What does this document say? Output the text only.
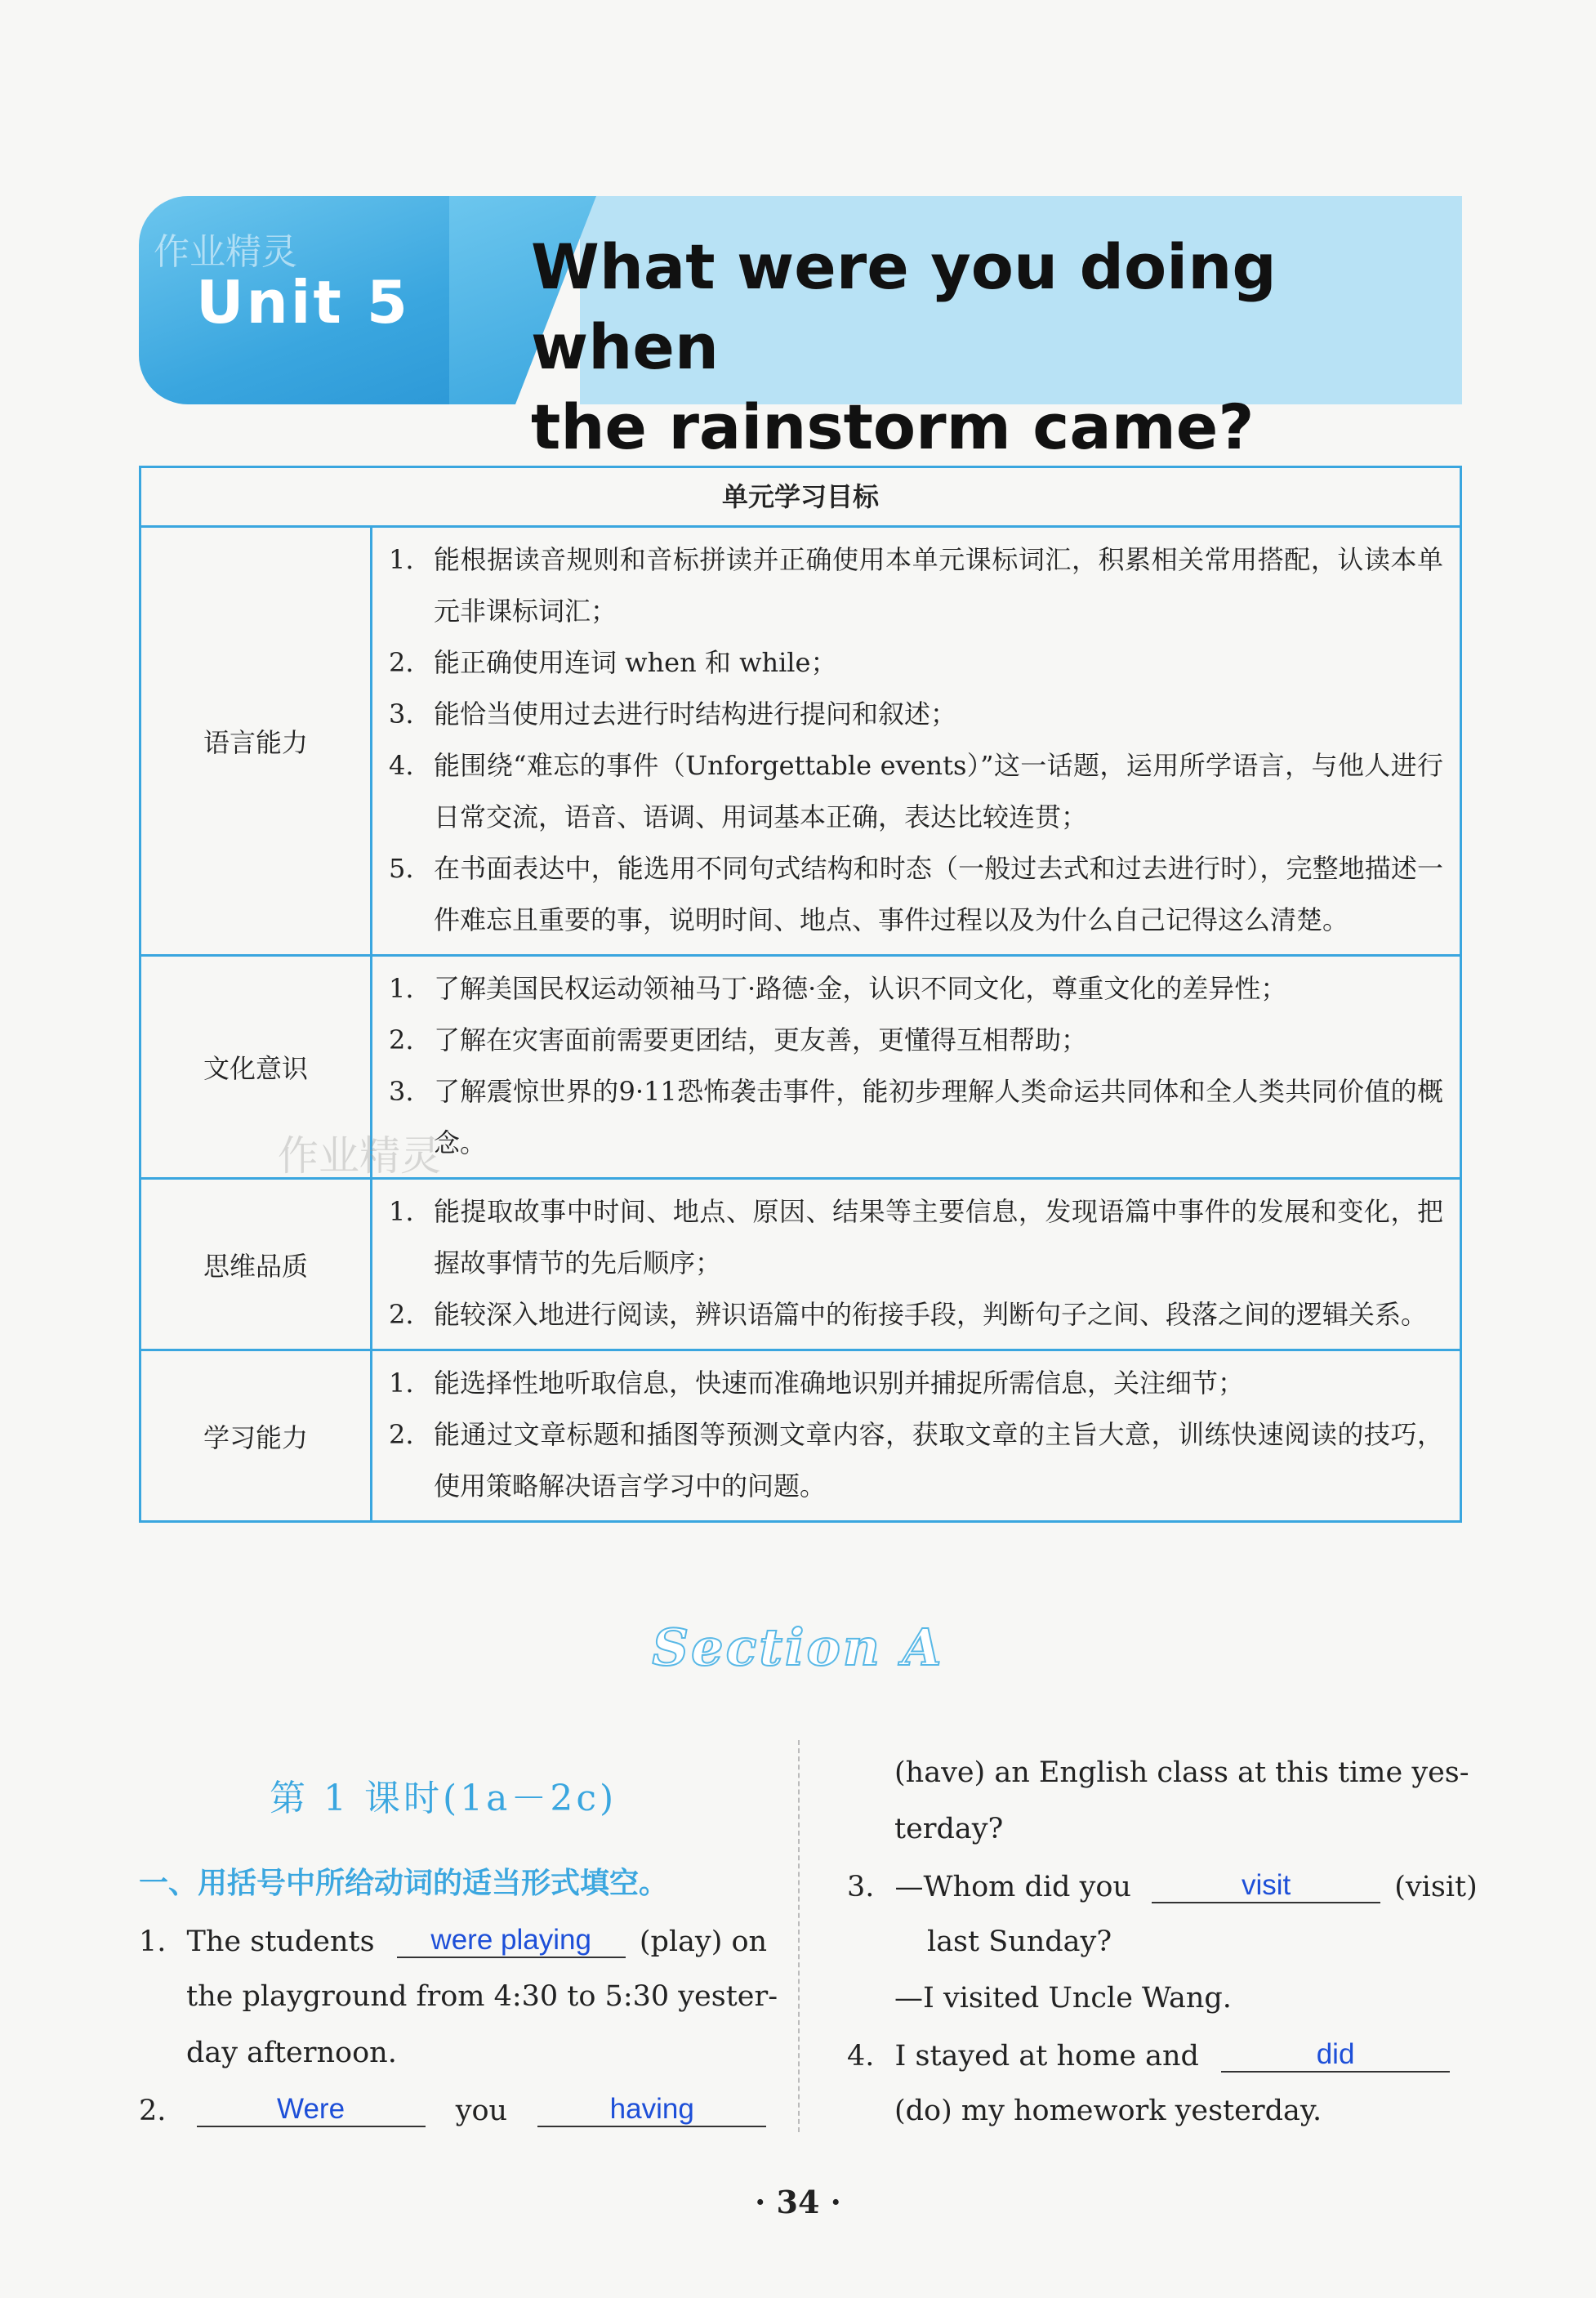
Unit 5 What were you doing when
the rainstorm came?
作业精灵
单元学习目标
语言能力
1. 能根据读音规则和音标拼读并正确使用本单元课标词汇，积累相关常用搭配，认读本单元非课标词汇；
2. 能正确使用连词 when 和 while；
3. 能恰当使用过去进行时结构进行提问和叙述；
4. 能围绕“难忘的事件（Unforgettable events）”这一话题，运用所学语言，与他人进行日常交流，语音、语调、用词基本正确，表达比较连贯；
5. 在书面表达中，能选用不同句式结构和时态（一般过去式和过去进行时），完整地描述一件难忘且重要的事，说明时间、地点、事件过程以及为什么自己记得这么清楚。
文化意识
1. 了解美国民权运动领袖马丁·路德·金，认识不同文化，尊重文化的差异性；
2. 了解在灾害面前需要更团结，更友善，更懂得互相帮助；
3. 了解震惊世界的9·11恐怖袭击事件，能初步理解人类命运共同体和全人类共同价值的概念。
思维品质
1. 能提取故事中时间、地点、原因、结果等主要信息，发现语篇中事件的发展和变化，把握故事情节的先后顺序；
2. 能较深入地进行阅读，辨识语篇中的衔接手段，判断句子之间、段落之间的逻辑关系。
学习能力
1. 能选择性地听取信息，快速而准确地识别并捕捉所需信息，关注细节；
2. 能通过文章标题和插图等预测文章内容，获取文章的主旨大意，训练快速阅读的技巧，使用策略解决语言学习中的问题。
作业精灵
Section A
第 1 课时(1a－2c)
一、用括号中所给动词的适当形式填空。
1. The students were playing (play) on
the playground from 4:30 to 5:30 yester-
day afternoon.
2.	Were	you	having
(have) an English class at this time yes-
terday?
3. —Whom did you	visit	(visit)
last Sunday?
—I visited Uncle Wang.
4. I stayed at home and	did
(do) my homework yesterday.
· 34 ·
